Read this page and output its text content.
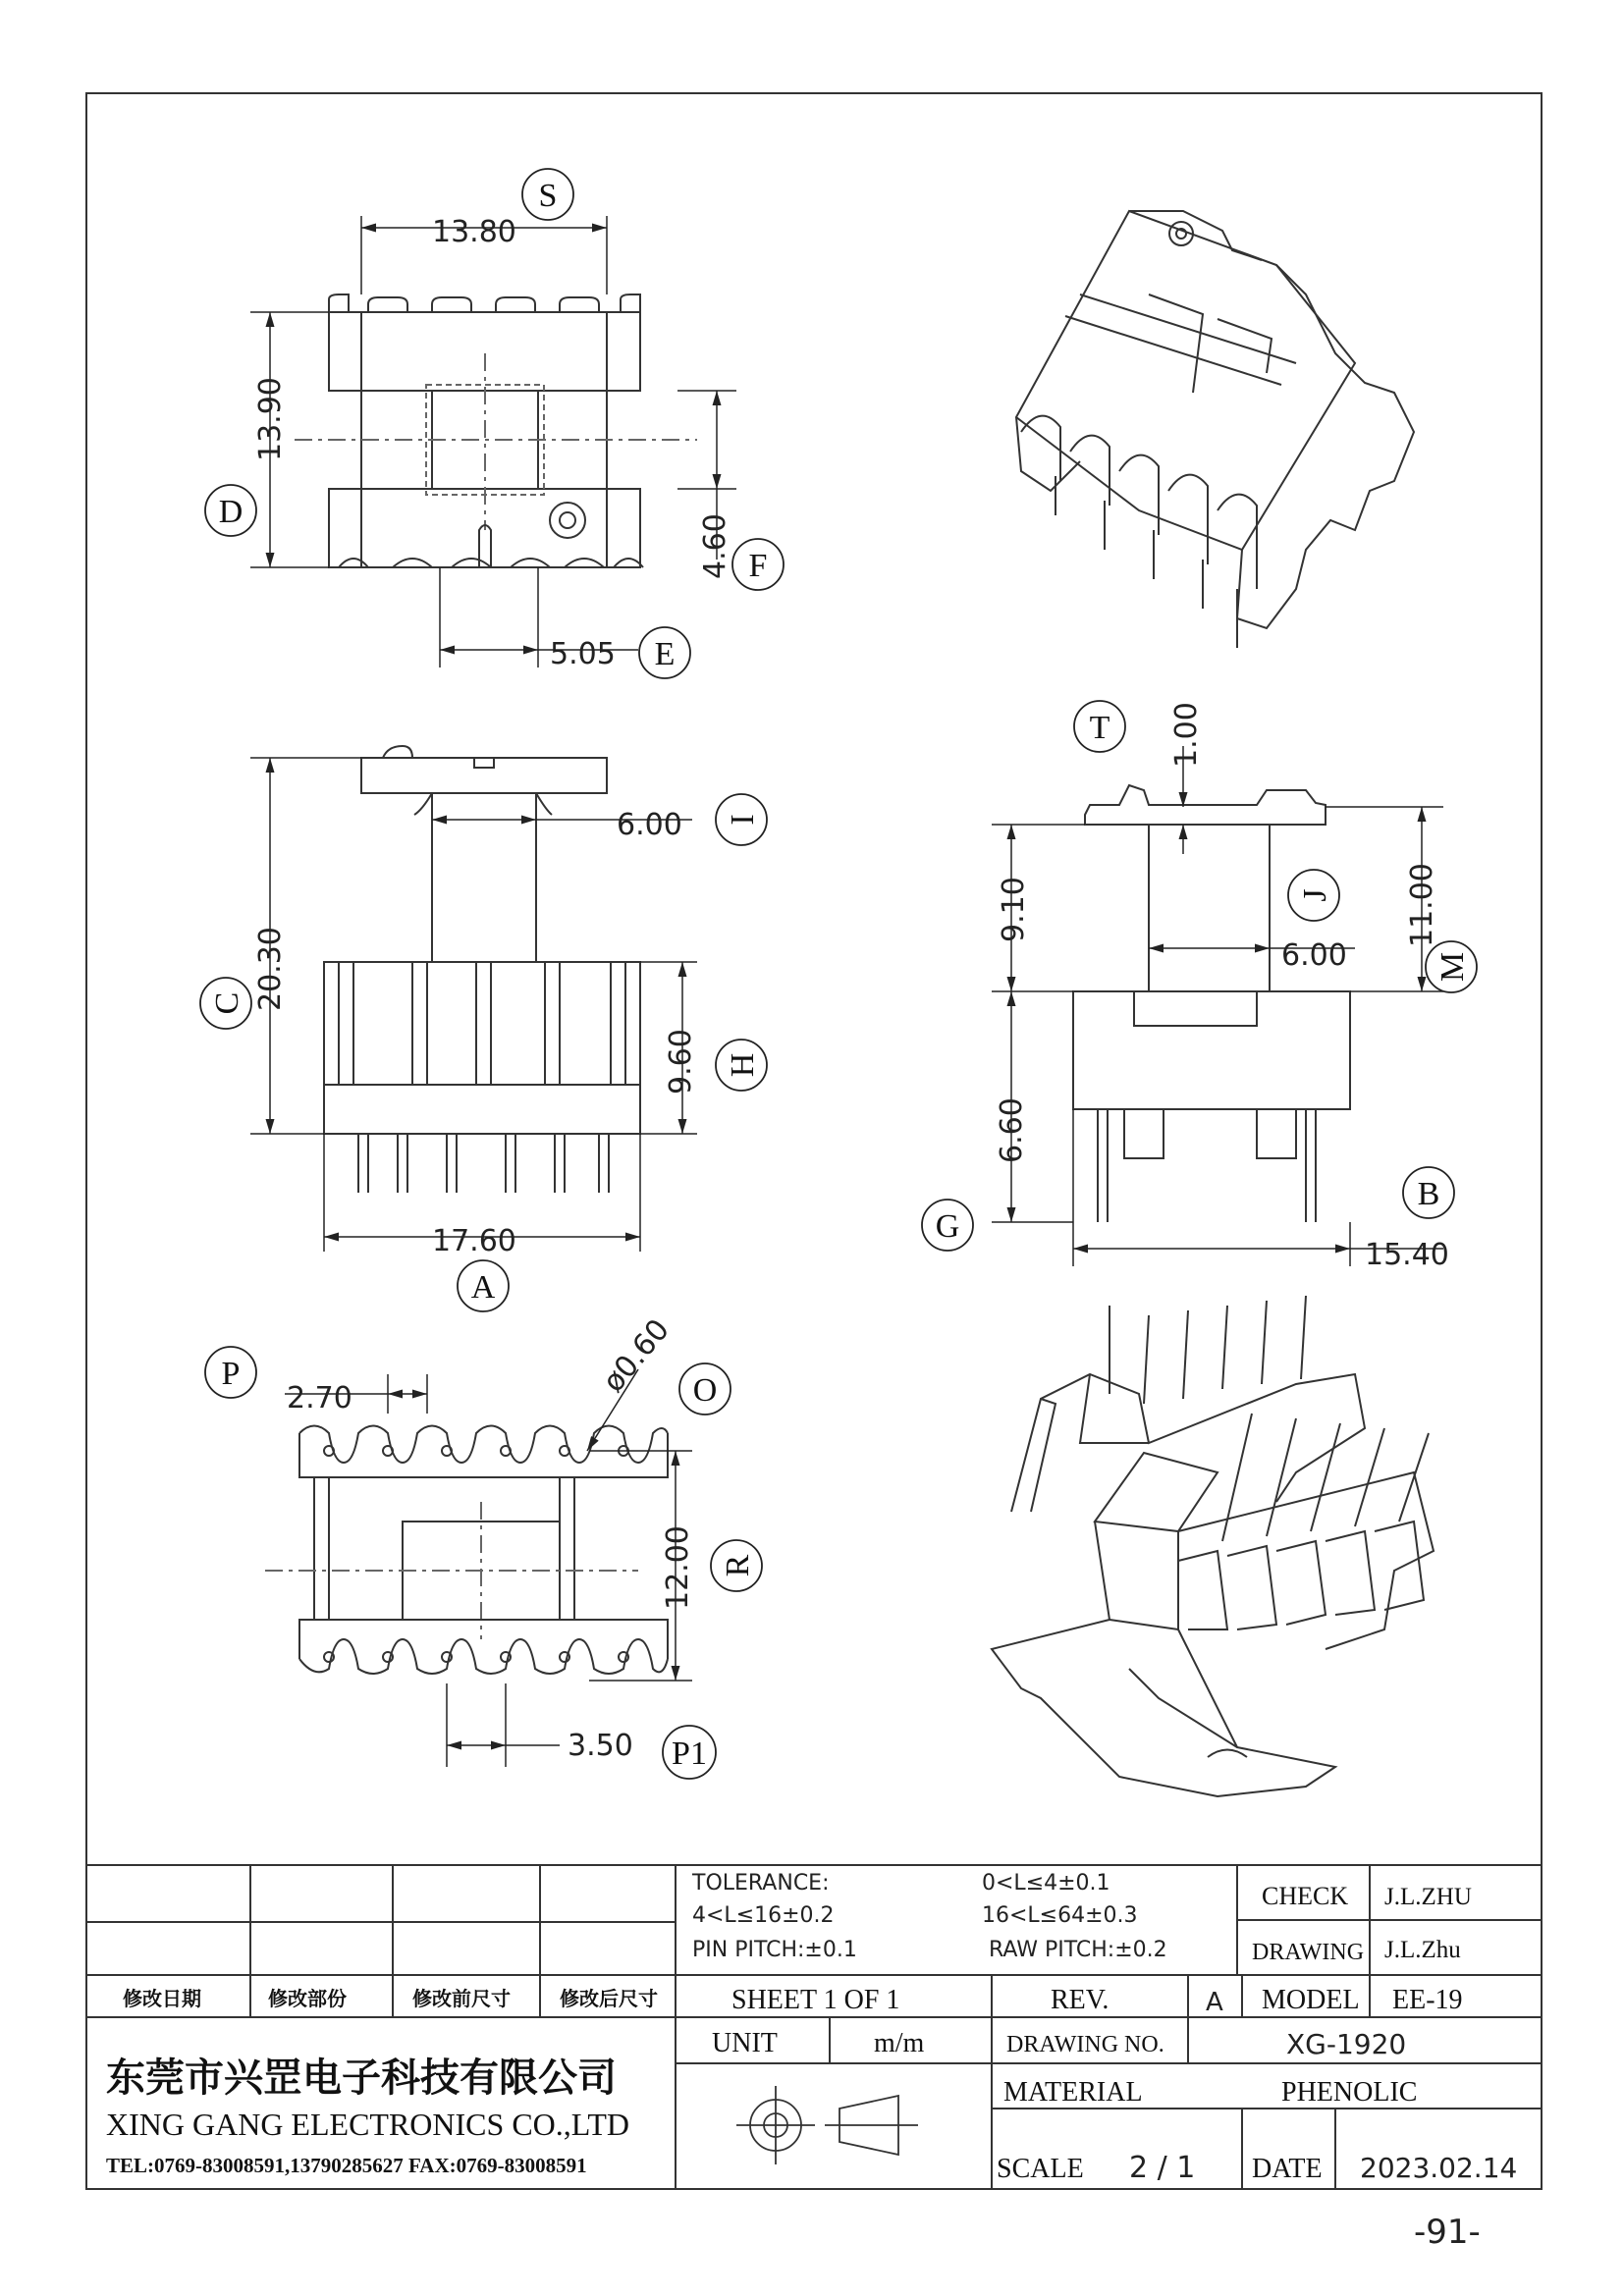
13.80
13.90
4.60
5.05
S
D
F
E
6.00
20.30
9.60
17.60
I
C
H
A
1.00
9.10	11.00
6.00
6.60
15.40
T
J
M
G
B
2.70	ø0.60
12.00
3.50
P	O
R
P1
TOLERANCE:	0<L≤4±0.1
4<L≤16±0.2	16<L≤64±0.3
PIN PITCH:±0.1	RAW PITCH:±0.2
CHECK J.L.ZHU
DRAWING J.L.Zhu
修改日期	修改部份	修改前尺寸	修改后尺寸	SHEET 1 OF 1	REV.	A MODEL EE-19
东莞市兴罡电子科技有限公司
XING GANG ELECTRONICS CO.,LTD
TEL:0769-83008591,13790285627 FAX:0769-83008591
UNIT	m/m	DRAWING NO.	XG-1920
MATERIAL	PHENOLIC
SCALE 2 / 1 DATE 2023.02.14
-91-
